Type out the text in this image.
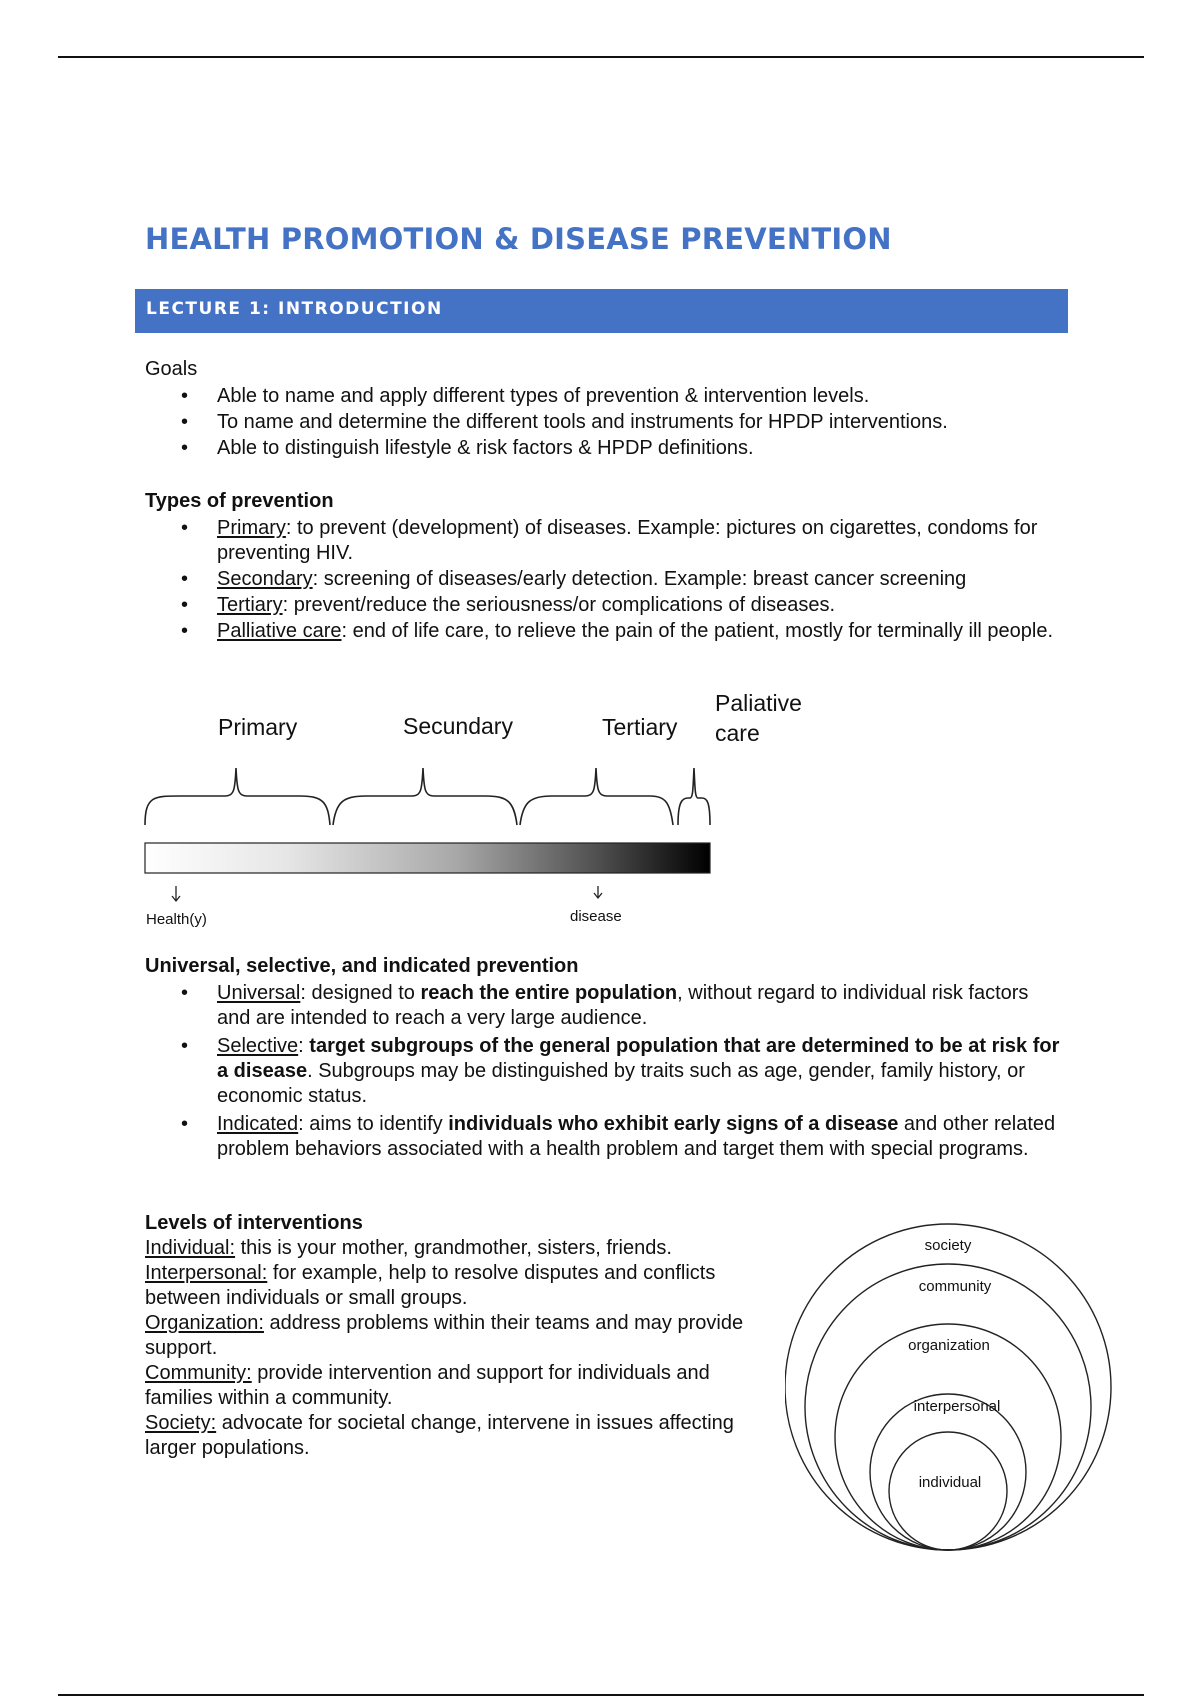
HEALTH PROMOTION & DISEASE PREVENTION
LECTURE 1: INTRODUCTION
Goals
• Able to name and apply different types of prevention & intervention levels.
• To name and determine the different tools and instruments for HPDP interventions.
• Able to distinguish lifestyle & risk factors & HPDP definitions.
Types of prevention
• Primary: to prevent (development) of diseases. Example: pictures on cigarettes, condoms for preventing HIV.
• Secondary: screening of diseases/early detection. Example: breast cancer screening
• Tertiary: prevent/reduce the seriousness/or complications of diseases.
• Palliative care: end of life care, to relieve the pain of the patient, mostly for terminally ill people.
Primary	Secundary	Tertiary
Paliative
care
Health(y)	disease
Universal, selective, and indicated prevention
• Universal: designed to reach the entire population, without regard to individual risk factors and are intended to reach a very large audience.
• Selective: target subgroups of the general population that are determined to be at risk for a disease. Subgroups may be distinguished by traits such as age, gender, family history, or economic status.
• Indicated: aims to identify individuals who exhibit early signs of a disease and other related problem behaviors associated with a health problem and target them with special programs.
Levels of interventions
Individual: this is your mother, grandmother, sisters, friends.
Interpersonal: for example, help to resolve disputes and conflicts between individuals or small groups.
Organization: address problems within their teams and may provide support.
Community: provide intervention and support for individuals and families within a community.
Society: advocate for societal change, intervene in issues affecting larger populations.
society
community
organization
interpersonal
individual
